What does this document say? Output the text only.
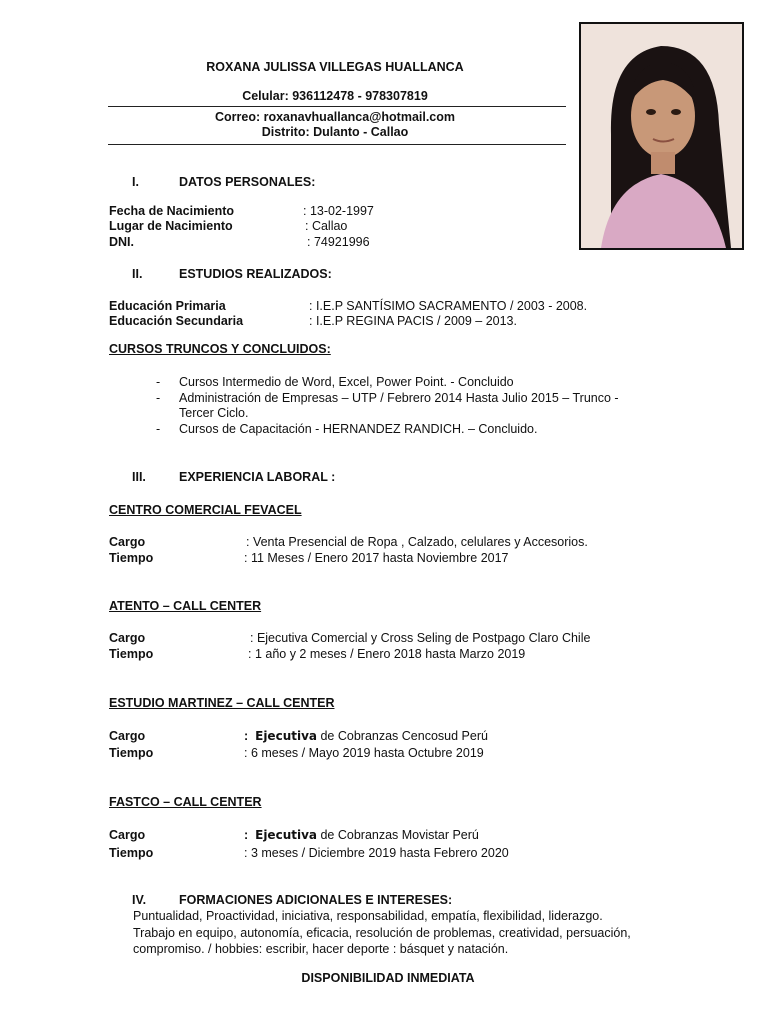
ROXANA JULISSA VILLEGAS HUALLANCA
Celular: 936112478 - 978307819
Correo: roxanavhuallanca@hotmail.com
Distrito: Dulanto - Callao
I.	DATOS PERSONALES:
Fecha de Nacimiento	: 13-02-1997
Lugar de Nacimiento	: Callao
DNI.	: 74921996
II.	ESTUDIOS REALIZADOS:
Educación Primaria	: I.E.P SANTÍSIMO SACRAMENTO / 2003 - 2008.
Educación Secundaria	: I.E.P REGINA PACIS / 2009 – 2013.
CURSOS TRUNCOS Y CONCLUIDOS:
- Cursos Intermedio de Word, Excel, Power Point. - Concluido
- Administración de Empresas – UTP / Febrero 2014 Hasta Julio 2015 – Trunco -
Tercer Ciclo.
- Cursos de Capacitación - HERNANDEZ RANDICH. – Concluido.
III.	EXPERIENCIA LABORAL :
CENTRO COMERCIAL FEVACEL
Cargo	: Venta Presencial de Ropa , Calzado, celulares y Accesorios.
Tiempo	: 11 Meses / Enero 2017 hasta Noviembre 2017
ATENTO – CALL CENTER
Cargo	: Ejecutiva Comercial y Cross Seling de Postpago Claro Chile
Tiempo	: 1 año y 2 meses / Enero 2018 hasta Marzo 2019
ESTUDIO MARTINEZ – CALL CENTER
Cargo	: Ejecutiva de Cobranzas Cencosud Perú
Tiempo	: 6 meses / Mayo 2019 hasta Octubre 2019
FASTCO – CALL CENTER
Cargo	: Ejecutiva de Cobranzas Movistar Perú
Tiempo	: 3 meses / Diciembre 2019 hasta Febrero 2020
IV.	FORMACIONES ADICIONALES E INTERESES:
Puntualidad, Proactividad, iniciativa, responsabilidad, empatía, flexibilidad, liderazgo.
Trabajo en equipo, autonomía, eficacia, resolución de problemas, creatividad, persuación,
compromiso. / hobbies: escribir, hacer deporte : básquet y natación.
DISPONIBILIDAD INMEDIATA
